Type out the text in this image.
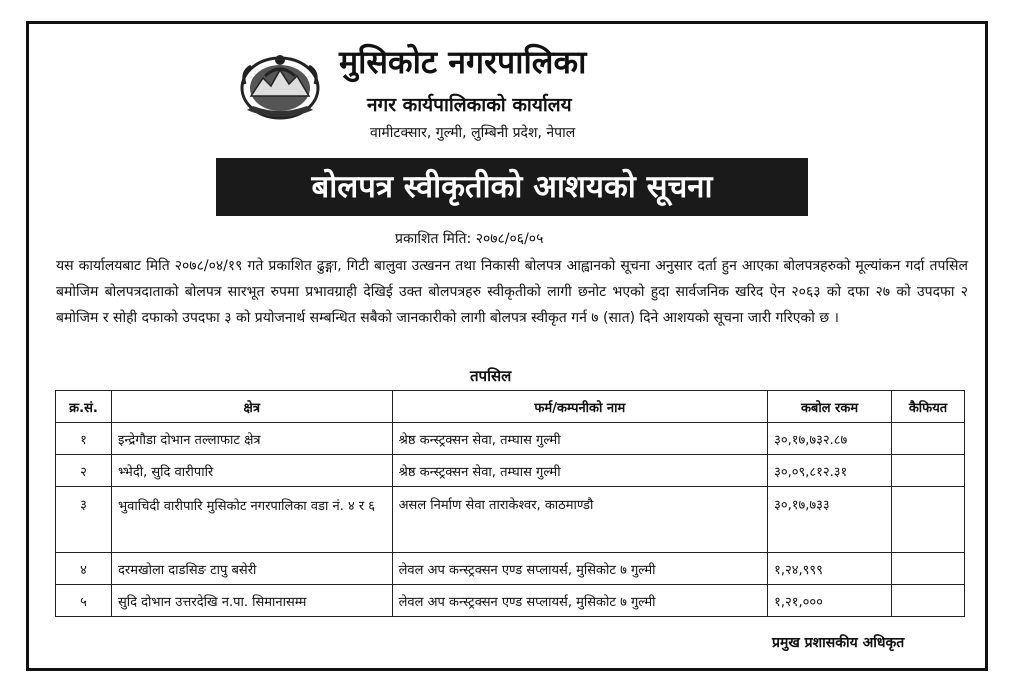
मुसिकोट नगरपालिका
नगर कार्यपालिकाको कार्यालय
वामीटक्सार, गुल्मी, लुम्बिनी प्रदेश, नेपाल
बोलपत्र स्वीकृतीको आशयको सूचना
प्रकाशित मिति: २०७८/०६/०५
यस कार्यालयबाट मिति २०७८/०४/१९ गते प्रकाशित ढुङ्गा, गिटी बालुवा उत्खनन तथा निकासी बोलपत्र आह्वानको सूचना अनुसार दर्ता हुन आएका बोलपत्रहरुको मूल्यांकन गर्दा तपसिल बमोजिम बोलपत्रदाताको बोलपत्र सारभूत रुपमा प्रभावग्राही देखिई उक्त बोलपत्रहरु स्वीकृतीको लागी छनोट भएको हुदा सार्वजनिक खरिद ऐन २०६३ को दफा २७ को उपदफा २ बमोजिम र सोही दफाको उपदफा ३ को प्रयोजनार्थ सम्बन्धित सबैको जानकारीको लागी बोलपत्र स्वीकृत गर्न ७ (सात) दिने आशयको सूचना जारी गरिएको छ ।
तपसिल
क्र.सं.	क्षेत्र	फर्म/कम्पनीको नाम	कबोल रकम	कैफियत
१	इन्द्रेगौडा दोभान तल्लाफाट क्षेत्र	श्रेष्ठ कन्स्ट्रक्सन सेवा, तम्घास गुल्मी	३०,१७,७३२.८७	
२	भ्भेदी, सुदि वारीपारि	श्रेष्ठ कन्स्ट्रक्सन सेवा, तम्घास गुल्मी	३०,०९,८१२.३१	
३	भुवाचिदी वारीपारि मुसिकोट नगरपालिका वडा नं. ४ र ६	असल निर्माण सेवा ताराकेश्वर, काठमाण्डौ	३०,१७,७३३	
४	दरमखोला दाडसिङ टापु बसेरी	लेवल अप कन्स्ट्रक्सन एण्ड सप्लायर्स, मुसिकोट ७ गुल्मी	१,२४,९९९	
५	सुदि दोभान उत्तरदेखि न.पा. सिमानासम्म	लेवल अप कन्स्ट्रक्सन एण्ड सप्लायर्स, मुसिकोट ७ गुल्मी	१,२१,०००	
प्रमुख प्रशासकीय अधिकृत
